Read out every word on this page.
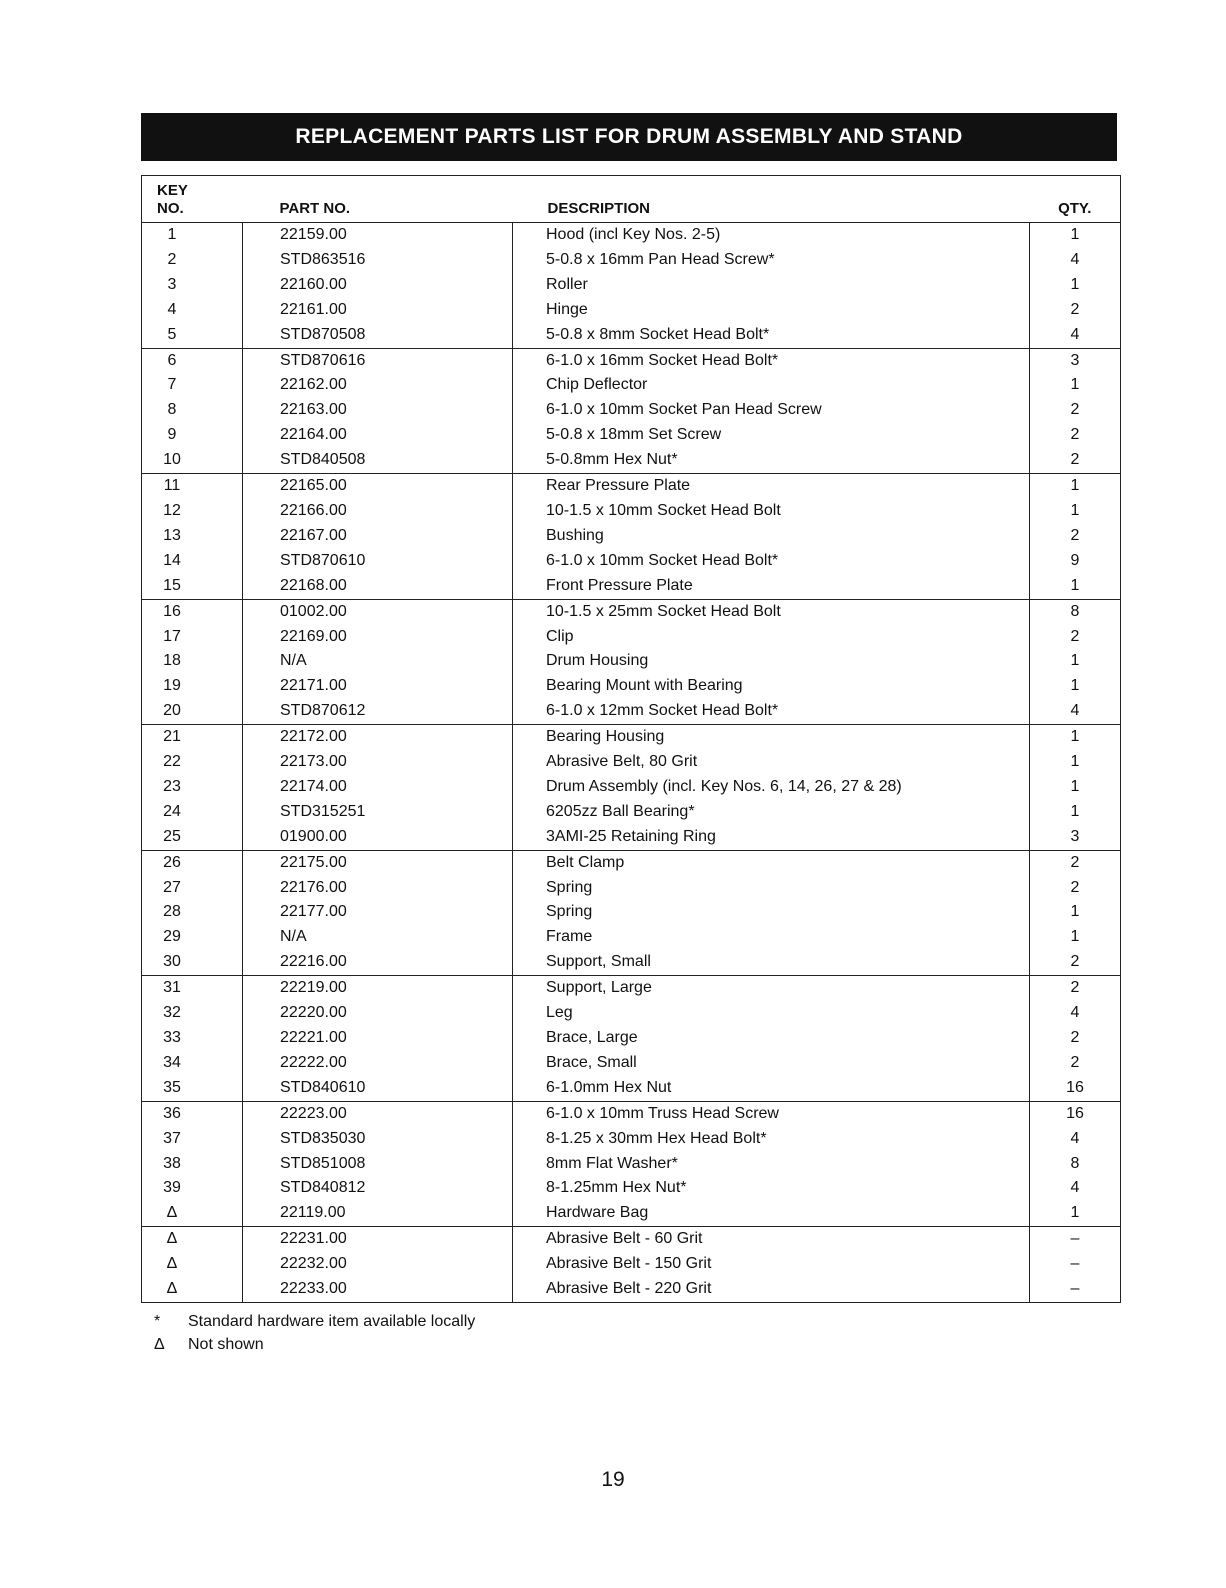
REPLACEMENT PARTS LIST FOR DRUM ASSEMBLY AND STAND
KEY
NO.	PART NO.	DESCRIPTION	QTY.
1	22159.00	Hood (incl Key Nos. 2-5)	1
2	STD863516	5-0.8 x 16mm Pan Head Screw*	4
3	22160.00	Roller	1
4	22161.00	Hinge	2
5	STD870508	5-0.8 x 8mm Socket Head Bolt*	4
6	STD870616	6-1.0 x 16mm Socket Head Bolt*	3
7	22162.00	Chip Deflector	1
8	22163.00	6-1.0 x 10mm Socket Pan Head Screw	2
9	22164.00	5-0.8 x 18mm Set Screw	2
10	STD840508	5-0.8mm Hex Nut*	2
11	22165.00	Rear Pressure Plate	1
12	22166.00	10-1.5 x 10mm Socket Head Bolt	1
13	22167.00	Bushing	2
14	STD870610	6-1.0 x 10mm Socket Head Bolt*	9
15	22168.00	Front Pressure Plate	1
16	01002.00	10-1.5 x 25mm Socket Head Bolt	8
17	22169.00	Clip	2
18	N/A	Drum Housing	1
19	22171.00	Bearing Mount with Bearing	1
20	STD870612	6-1.0 x 12mm Socket Head Bolt*	4
21	22172.00	Bearing Housing	1
22	22173.00	Abrasive Belt, 80 Grit	1
23	22174.00	Drum Assembly (incl. Key Nos. 6, 14, 26, 27 & 28)	1
24	STD315251	6205zz Ball Bearing*	1
25	01900.00	3AMI-25 Retaining Ring	3
26	22175.00	Belt Clamp	2
27	22176.00	Spring	2
28	22177.00	Spring	1
29	N/A	Frame	1
30	22216.00	Support, Small	2
31	22219.00	Support, Large	2
32	22220.00	Leg	4
33	22221.00	Brace, Large	2
34	22222.00	Brace, Small	2
35	STD840610	6-1.0mm Hex Nut	16
36	22223.00	6-1.0 x 10mm Truss Head Screw	16
37	STD835030	8-1.25 x 30mm Hex Head Bolt*	4
38	STD851008	8mm Flat Washer*	8
39	STD840812	8-1.25mm Hex Nut*	4
Δ	22119.00	Hardware Bag	1
Δ	22231.00	Abrasive Belt - 60 Grit	–
Δ	22232.00	Abrasive Belt - 150 Grit	–
Δ	22233.00	Abrasive Belt - 220 Grit	–
* Standard hardware item available locally
Δ Not shown
19
